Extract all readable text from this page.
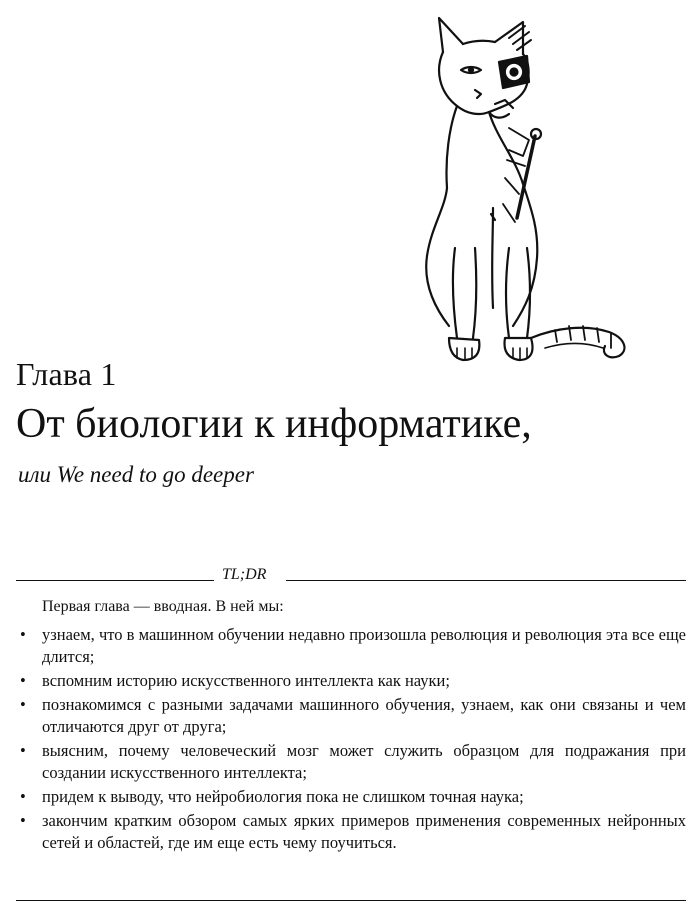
Глава 1
От биологии к информатике,
или We need to go deeper
TL;DR
Первая глава — вводная. В ней мы:
• узнаем, что в машинном обучении недавно произошла революция и революция эта все еще длится;
• вспомним историю искусственного интеллекта как науки;
• познакомимся с разными задачами машинного обучения, узнаем, как они связаны и чем отличаются друг от друга;
• выясним, почему человеческий мозг может служить образцом для подражания при создании искусственного интеллекта;
• придем к выводу, что нейробиология пока не слишком точная наука;
• закончим кратким обзором самых ярких примеров применения современных нейронных сетей и областей, где им еще есть чему поучиться.
